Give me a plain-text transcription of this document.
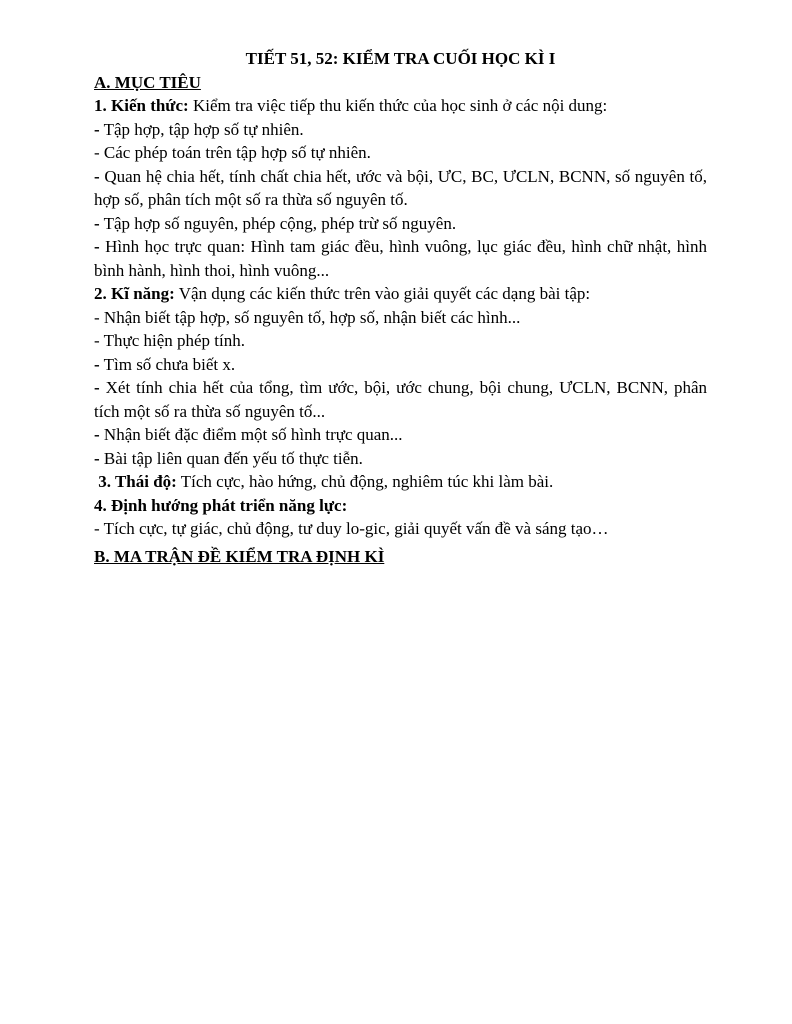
TIẾT 51, 52: KIỂM TRA CUỐI HỌC KÌ I
A. MỤC TIÊU

1. Kiến thức: Kiểm tra việc tiếp thu kiến thức của học sinh ở các nội dung:

- Tập hợp, tập hợp số tự nhiên.

- Các phép toán trên tập hợp số tự nhiên.

- Quan hệ chia hết, tính chất chia hết, ước và bội, ƯC, BC, ƯCLN, BCNN, số nguyên tố, hợp số, phân tích một số ra thừa số nguyên tố.

- Tập hợp số nguyên, phép cộng, phép trừ số nguyên.

- Hình học trực quan: Hình tam giác đều, hình vuông, lục giác đều, hình chữ nhật, hình bình hành, hình thoi, hình vuông...

2. Kĩ năng: Vận dụng các kiến thức trên vào giải quyết các dạng bài tập:

- Nhận biết tập hợp, số nguyên tố, hợp số, nhận biết các hình...

- Thực hiện phép tính.

- Tìm số chưa biết x.

- Xét tính chia hết của tổng, tìm ước, bội, ước chung, bội chung, ƯCLN, BCNN, phân tích một số ra thừa số nguyên tố...

- Nhận biết đặc điểm một số hình trực quan...

- Bài tập liên quan đến yếu tố thực tiễn.

3. Thái độ: Tích cực, hào hứng, chủ động, nghiêm túc khi làm bài.

4. Định hướng phát triển năng lực:

- Tích cực, tự giác, chủ động, tư duy lo-gic, giải quyết vấn đề và sáng tạo…

B. MA TRẬN ĐỀ KIỂM TRA ĐỊNH KÌ
